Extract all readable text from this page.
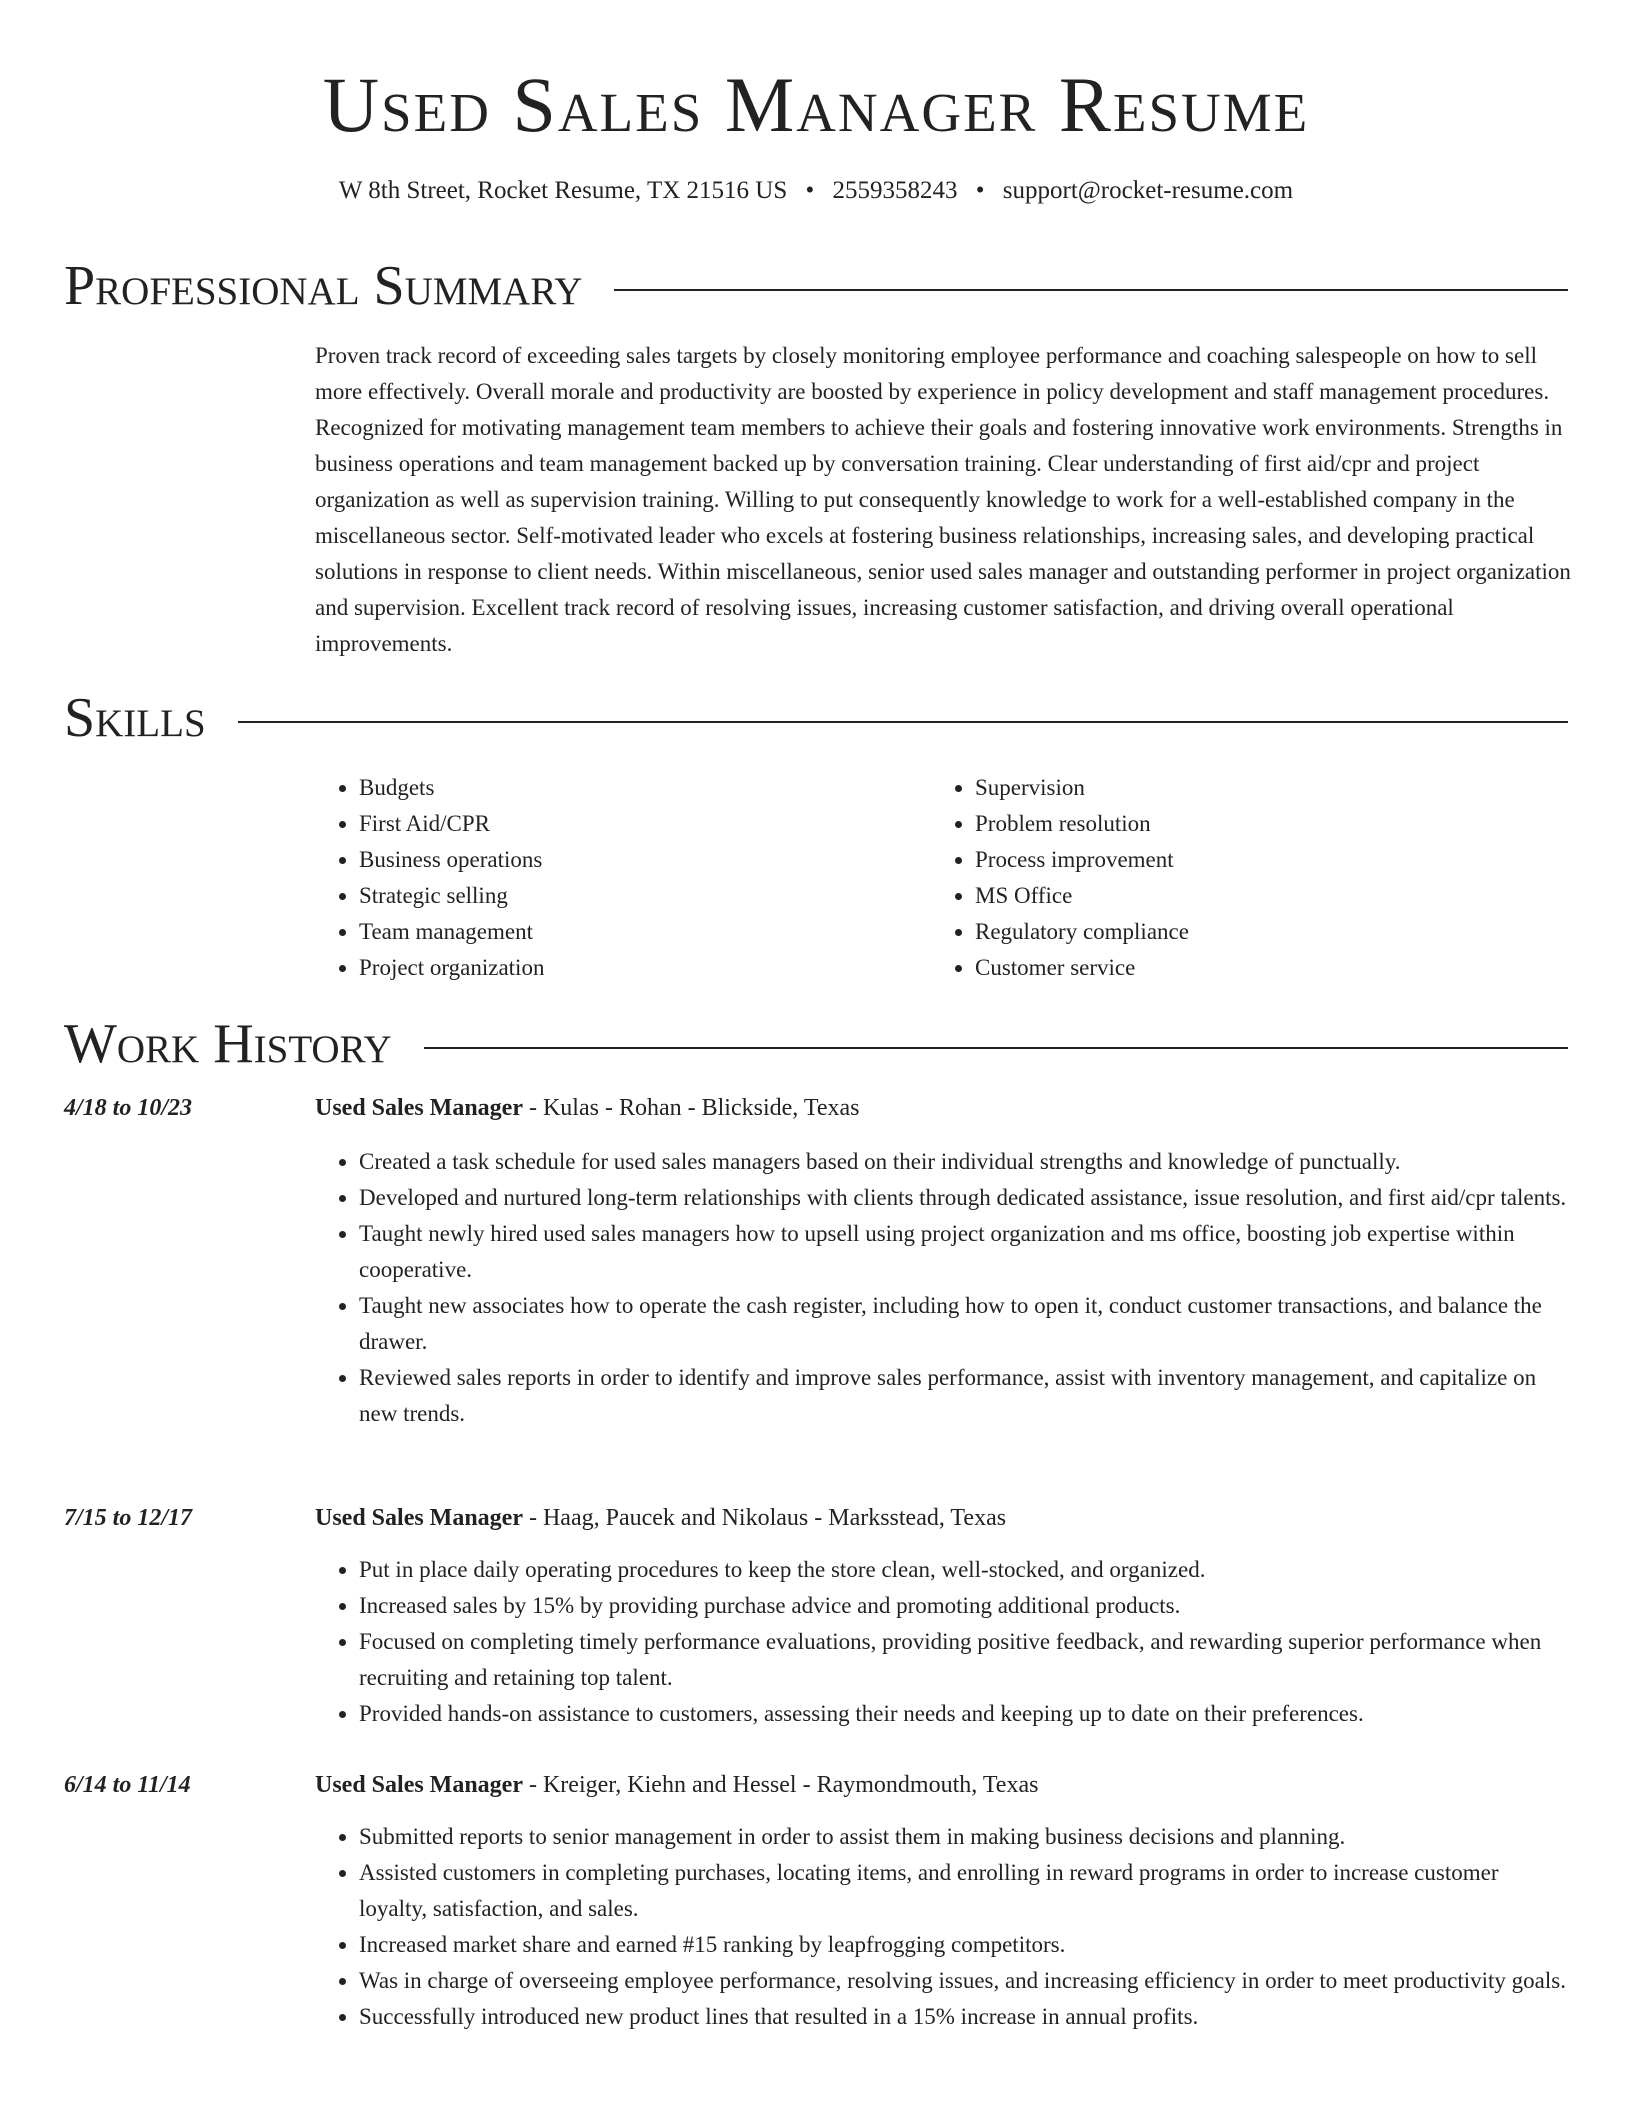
Used Sales Manager Resume
W 8th Street, Rocket Resume, TX 21516 US • 2559358243 • support@rocket-resume.com
Professional Summary

Proven track record of exceeding sales targets by closely monitoring employee performance and coaching salespeople on how to sell more effectively. Overall morale and productivity are boosted by experience in policy development and staff management procedures. Recognized for motivating management team members to achieve their goals and fostering innovative work environments. Strengths in business operations and team management backed up by conversation training. Clear understanding of first aid/cpr and project organization as well as supervision training. Willing to put consequently knowledge to work for a well-established company in the miscellaneous sector. Self-motivated leader who excels at fostering business relationships, increasing sales, and developing practical solutions in response to client needs. Within miscellaneous, senior used sales manager and outstanding performer in project organization and supervision. Excellent track record of resolving issues, increasing customer satisfaction, and driving overall operational improvements.

Skills
• Budgets
• First Aid/CPR
• Business operations
• Strategic selling
• Team management
• Project organization
• Supervision
• Problem resolution
• Process improvement
• MS Office
• Regulatory compliance
• Customer service
Work History
4/18 to 10/23	Used Sales Manager - Kulas - Rohan - Blickside, Texas
• Created a task schedule for used sales managers based on their individual strengths and knowledge of punctually.
• Developed and nurtured long-term relationships with clients through dedicated assistance, issue resolution, and first aid/cpr talents.
• Taught newly hired used sales managers how to upsell using project organization and ms office, boosting job expertise within cooperative.
• Taught new associates how to operate the cash register, including how to open it, conduct customer transactions, and balance the drawer.
• Reviewed sales reports in order to identify and improve sales performance, assist with inventory management, and capitalize on new trends.
7/15 to 12/17	Used Sales Manager - Haag, Paucek and Nikolaus - Marksstead, Texas
• Put in place daily operating procedures to keep the store clean, well-stocked, and organized.
• Increased sales by 15% by providing purchase advice and promoting additional products.
• Focused on completing timely performance evaluations, providing positive feedback, and rewarding superior performance when recruiting and retaining top talent.
• Provided hands-on assistance to customers, assessing their needs and keeping up to date on their preferences.
6/14 to 11/14	Used Sales Manager - Kreiger, Kiehn and Hessel - Raymondmouth, Texas
• Submitted reports to senior management in order to assist them in making business decisions and planning.
• Assisted customers in completing purchases, locating items, and enrolling in reward programs in order to increase customer loyalty, satisfaction, and sales.
• Increased market share and earned #15 ranking by leapfrogging competitors.
• Was in charge of overseeing employee performance, resolving issues, and increasing efficiency in order to meet productivity goals.
• Successfully introduced new product lines that resulted in a 15% increase in annual profits.
